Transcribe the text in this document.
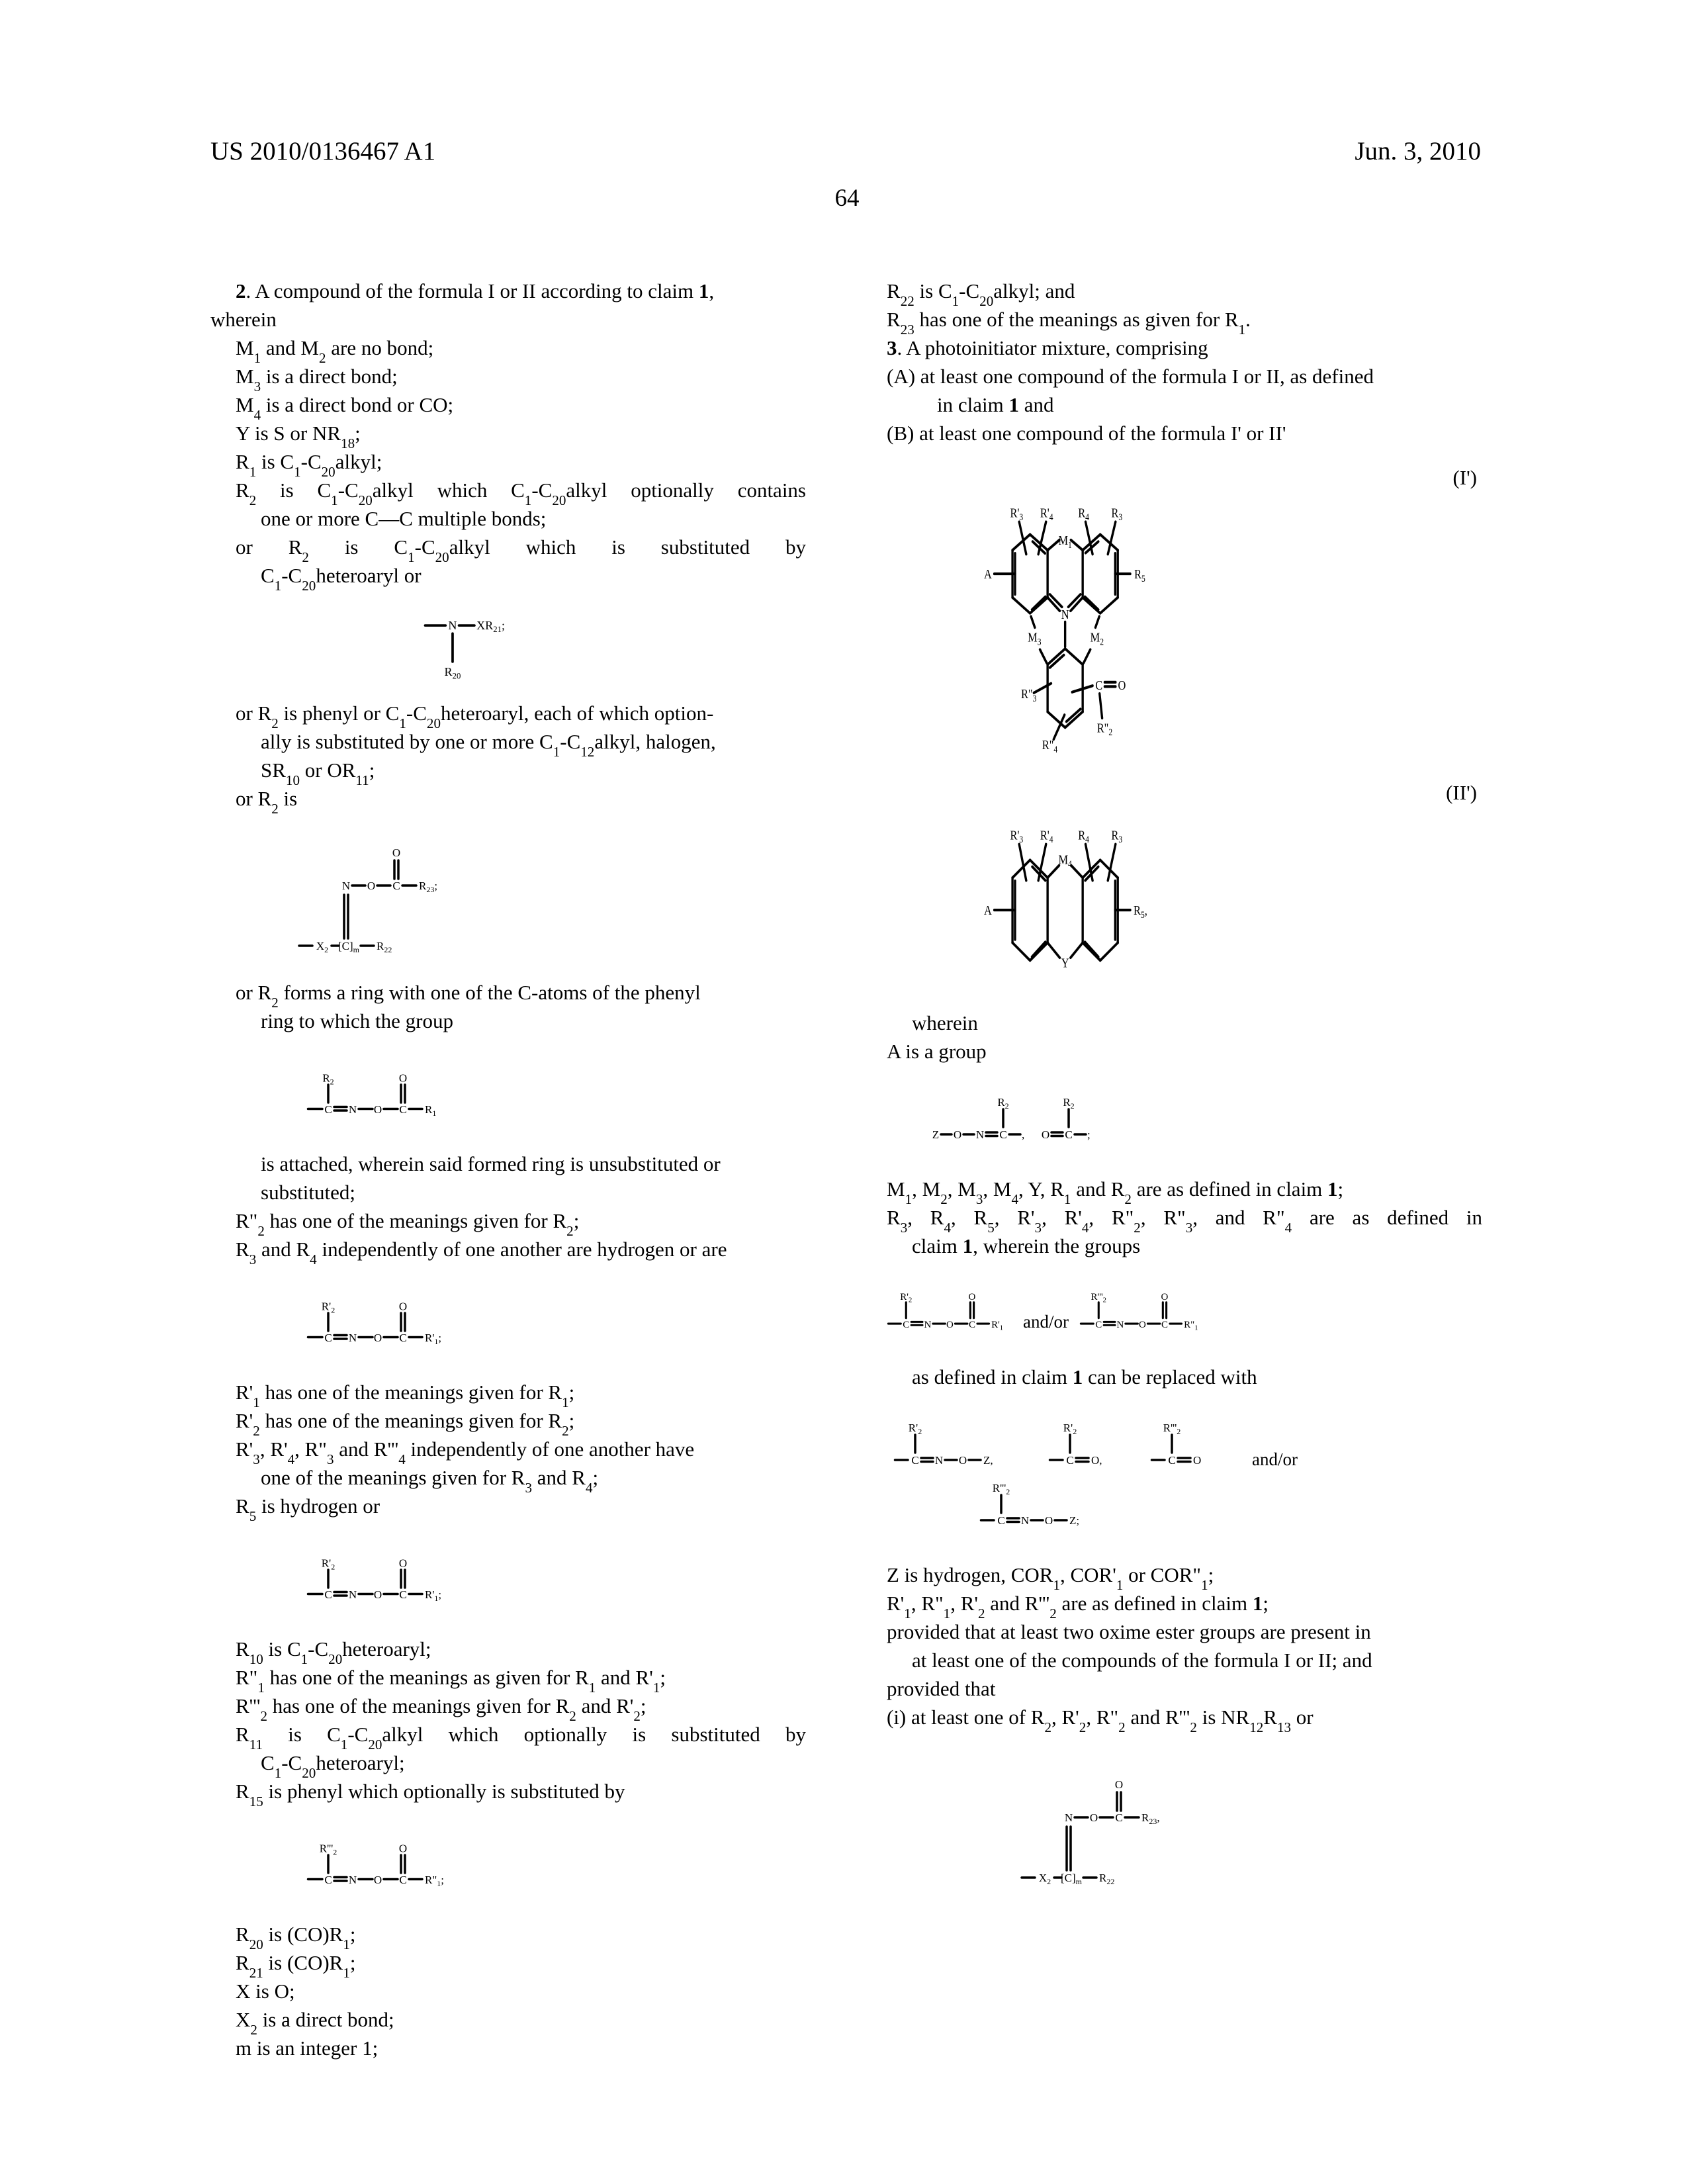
US 2010/0136467 A1	Jun. 3, 2010
64
2. A compound of the formula I or II according to claim 1,
wherein
$M_1$ and $M_2$ are no bond;
$M_3$ is a direct bond;
$M_4$ is a direct bond or CO;
Y is S or $NR_{18}$;
$R_1$ is $C_1-C_{20}alkyl$;
$R_2$ is $C_1-C_{20}alkyl$ which $C_1-C_{20}alkyl$ optionally contains
one or more C—C multiple bonds;
or $R_2$ is $C_1-C_{20}alkyl$ which is substituted by
$C_1-C_{20}heteroaryl$ or
N $XR_{21}$;
$R_{20}$
or $R_2$ is phenyl or $C_1-C_{20}heteroaryl$, each of which option-
ally is substituted by one or more $C_1-C_{12}alkyl$, halogen,
$SR_{10}$ or $OR_{11}$;
or $R_2$ is
N O C
O
$R_{23}$;
$X_2$ $[C]_m$ $R_{22}$
or $R_2$ forms a ring with one of the C-atoms of the phenyl
ring to which the group
$R_2$
C N O C
O
$R_1$
is attached, wherein said formed ring is unsubstituted or
substituted;
$R"_2$ has one of the meanings given for $R_2$;
$R_3$ and $R_4$ independently of one another are hydrogen or are
$R'_2$
C N O C
O
$R'_1$;
$R'_1$ has one of the meanings given for $R_1$;
$R'_2$ has one of the meanings given for $R_2$;
$R'_3$, $R'_4$, $R"_3$ and $R'''_4$ independently of one another have
one of the meanings given for $R_3$ and $R_4$;
$R_5$ is hydrogen or
$R'_2$
C N O C
O
$R'_1$;
$R_{10}$ is $C_1-C_{20}heteroaryl$;
$R"_1$ has one of the meanings as given for $R_1$ and $R'_1$;
$R'''_2$ has one of the meanings given for $R_2$ and $R'_2$;
$R_{11}$ is $C_1-C_{20}alkyl$ which optionally is substituted by
$C_1-C_{20}heteroaryl$;
$R_{15}$ is phenyl which optionally is substituted by
$R'''_2$
C N O C
O
$R"_1$;
$R_{20}$ is $(CO)R_1$;
$R_{21}$ is $(CO)R_1$;
X is O;
$X_2$ is a direct bond;
m is an integer 1;
$R_{22}$ is $C_1-C_{20}alkyl$; and
$R_{23}$ has one of the meanings as given for $R_1$.
3. A photoinitiator mixture, comprising
(A) at least one compound of the formula I or II, as defined
in claim 1 and
(B) at least one compound of the formula I' or II'
(I')
A
$R'_3$ $R'_4$
$M_1$
$R_4$ $R_3$
$R_5$
N
$M_3$ $M_2$
$R"_3$
C O
$R"_2$
$R"_4$
(II')
A
$R'_3$ $R'_4$
$M_4$
$R_4$ $R_3$
$R_5$,
Y
wherein
A is a group
Z O N C
$R_2$
, O C
$R_2$
;
$M_1$, $M_2$, $M_3$, $M_4$, Y, $R_1$ and $R_2$ are as defined in claim 1;
$R_3$, $R_4$, $R_5$, $R'_3$, $R'_4$, $R"_2$, $R"_3$, and $R"_4$ are as defined in
claim 1, wherein the groups
$R'_2$
C N O C
O
$R'_1$ and/or
$R'''_2$
C N O C
O
$R"_1$
as defined in claim 1 can be replaced with
$R'_2$
C N O Z,
$R'_2$
C O,
$R'''_2$
C O	and/or
$R'''_2$
C N O Z;
Z is hydrogen, $COR_1$, $COR'_1$ or $COR"_1$;
$R'_1$, $R"_1$, $R'_2$ and $R'''_2$ are as defined in claim 1;
provided that at least two oxime ester groups are present in
at least one of the compounds of the formula I or II; and
provided that
(i) at least one of $R_2$, $R'_2$, $R"_2$ and $R'''_2$ is $NR_{12}R_{13}$ or
N O C
O
$R_{23}$,
$X_2$ $[C]_m$ $R_{22}$
